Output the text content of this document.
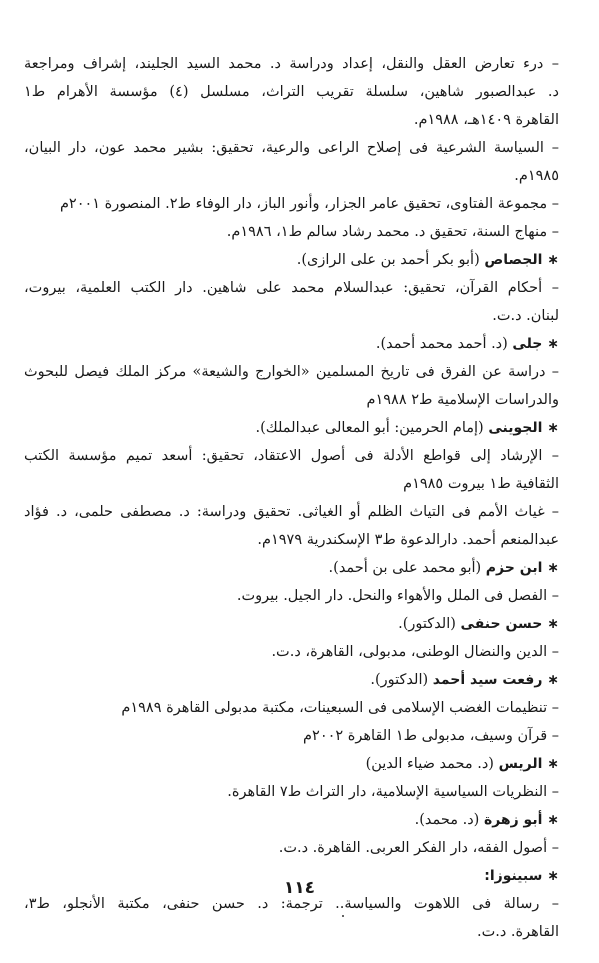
– درء تعارض العقل والنقل، إعداد ودراسة د. محمد السيد الجليند، إشراف ومراجعة
د. عبدالصبور شاهين، سلسلة تقريب التراث، مسلسل (٤) مؤسسة الأهرام ط١
القاهرة ١٤٠٩هـ، ١٩٨٨م.
– السياسة الشرعية فى إصلاح الراعى والرعية، تحقيق: بشير محمد عون، دار البيان،
١٩٨٥م.
– مجموعة الفتاوى، تحقيق عامر الجزار، وأنور الباز، دار الوفاء ط٢. المنصورة ٢٠٠١م
– منهاج السنة، تحقيق د. محمد رشاد سالم ط١، ١٩٨٦م.
∗ الجصاص (أبو بكر أحمد بن على الرازى).
– أحكام القرآن، تحقيق: عبدالسلام محمد على شاهين. دار الكتب العلمية، بيروت،
لبنان. د.ت.
∗ جلى (د. أحمد محمد أحمد).
– دراسة عن الفرق فى تاريخ المسلمين «الخوارج والشيعة» مركز الملك فيصل للبحوث
والدراسات الإسلامية ط٢ ١٩٨٨م
∗ الجوينى (إمام الحرمين: أبو المعالى عبدالملك).
– الإرشاد إلى قواطع الأدلة فى أصول الاعتقاد، تحقيق: أسعد تميم مؤسسة الكتب
الثقافية ط١ بيروت ١٩٨٥م
– غياث الأمم فى التياث الظلم أو الغياثى. تحقيق ودراسة: د. مصطفى حلمى، د. فؤاد
عبدالمنعم أحمد. دارالدعوة ط٣ الإسكندرية ١٩٧٩م.
∗ ابن حزم (أبو محمد على بن أحمد).
– الفصل فى الملل والأهواء والنحل. دار الجيل. بيروت.
∗ حسن حنفى (الدكتور).
– الدين والنضال الوطنى، مدبولى، القاهرة، د.ت.
∗ رفعت سيد أحمد (الدكتور).
– تنظيمات الغضب الإسلامى فى السبعينات، مكتبة مدبولى القاهرة ١٩٨٩م
– قرآن وسيف، مدبولى ط١ القاهرة ٢٠٠٢م
∗ الريس (د. محمد ضياء الدين)
– النظريات السياسية الإسلامية، دار التراث ط٧ القاهرة.
∗ أبو زهرة (د. محمد).
– أصول الفقه، دار الفكر العربى. القاهرة. د.ت.
∗ سبينوزا:
– رسالة فى اللاهوت والسياسة.. ترجمة: د. حسن حنفى، مكتبة الأنجلو، ط٣،
القاهرة. د.ت.
١١٤
